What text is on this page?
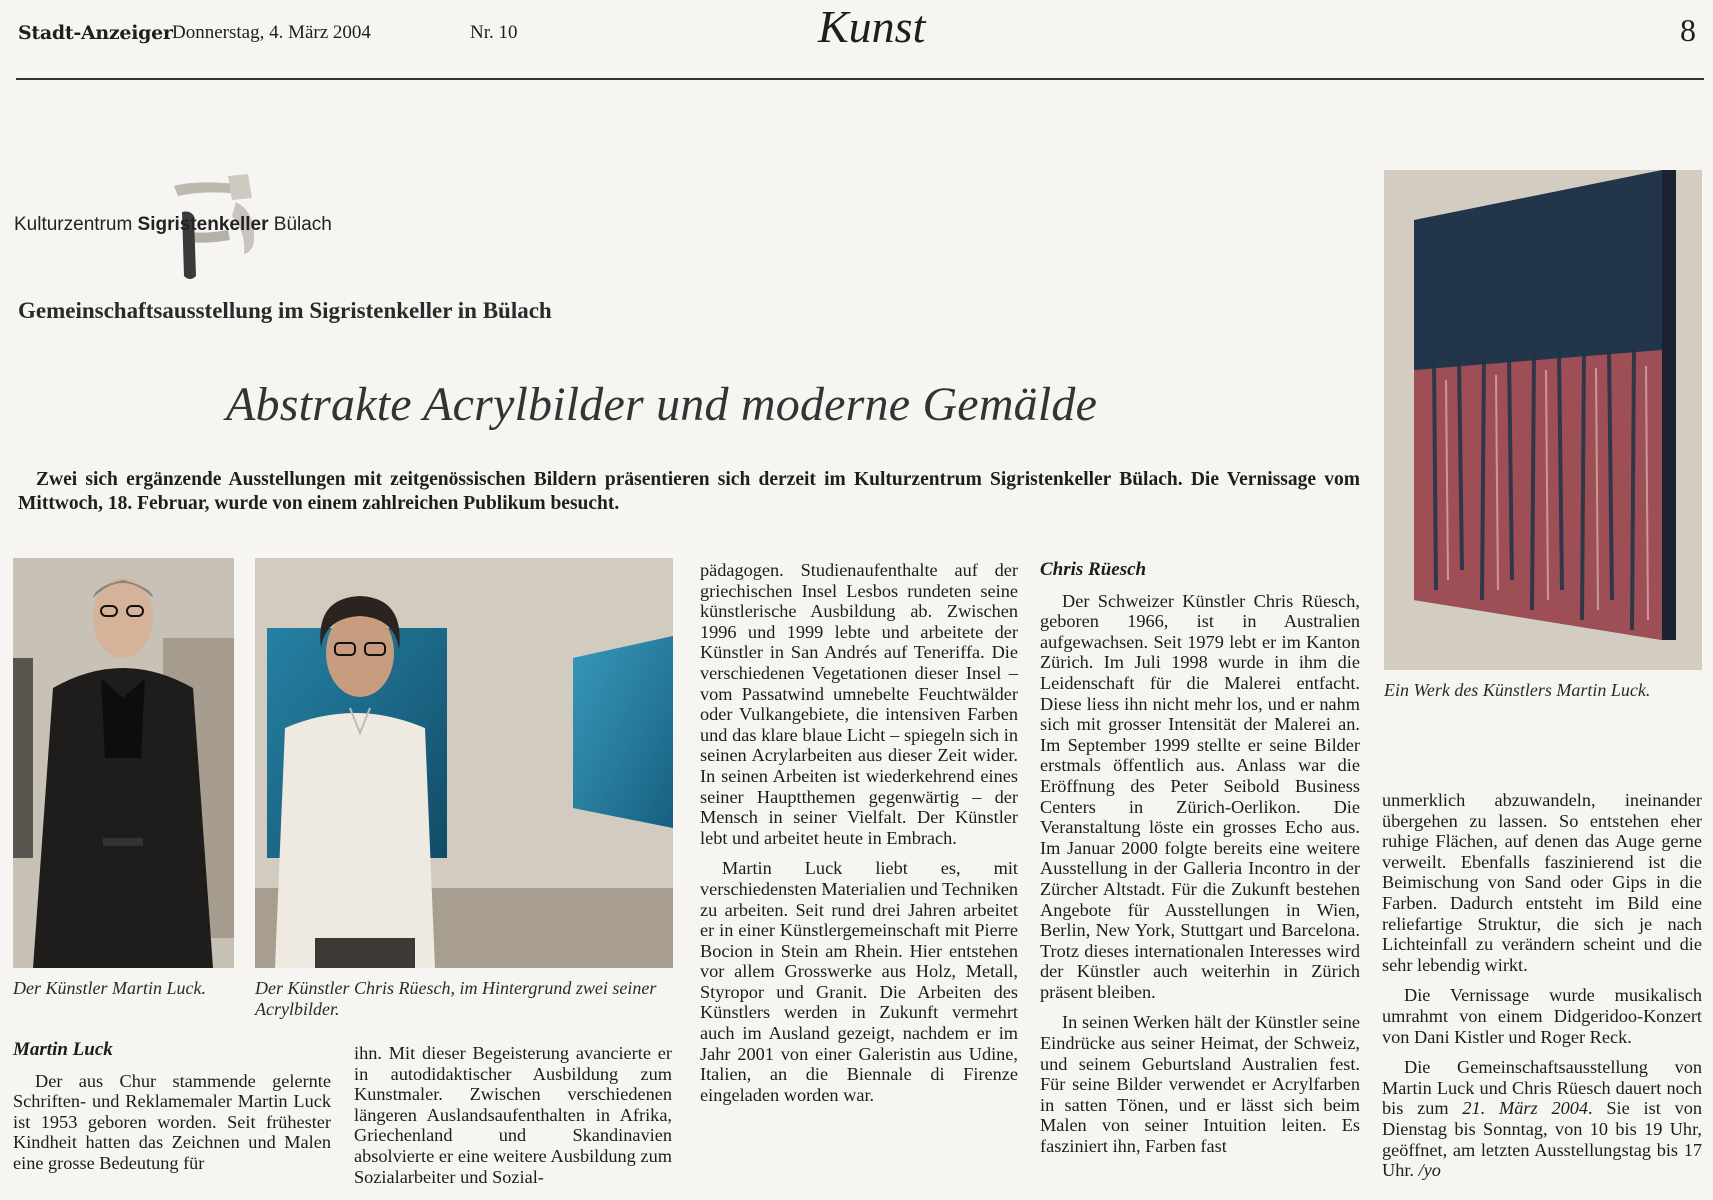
Stadt-Anzeiger Donnerstag, 4. März 2004	Nr. 10	Kunst	8
Kulturzentrum Sigristenkeller Bülach
Gemeinschaftsausstellung im Sigristenkeller in Bülach
Abstrakte Acrylbilder und moderne Gemälde
Zwei sich ergänzende Ausstellungen mit zeitgenössischen Bildern präsentieren sich derzeit im Kulturzentrum Sigristenkeller Bülach. Die Vernissage vom Mittwoch, 18. Februar, wurde von einem zahlreichen Publikum besucht.
Der Künstler Martin Luck.	Der Künstler Chris Rüesch, im Hintergrund zwei seiner Acrylbilder.
Ein Werk des Künstlers Martin Luck.

Martin Luck

Der aus Chur stammende gelernte Schriften- und Reklamemaler Martin Luck ist 1953 geboren worden. Seit frühester Kindheit hatten das Zeichnen und Malen eine grosse Bedeutung für

ihn. Mit dieser Begeisterung avancierte er in autodidaktischer Ausbildung zum Kunstmaler. Zwischen verschiedenen längeren Auslandsaufenthalten in Afrika, Griechenland und Skandinavien absolvierte er eine weitere Ausbildung zum Sozialarbeiter und Sozial-

pädagogen. Studienaufenthalte auf der griechischen Insel Lesbos rundeten seine künstlerische Ausbildung ab. Zwischen 1996 und 1999 lebte und arbeitete der Künstler in San Andrés auf Teneriffa. Die verschiedenen Vegetationen dieser Insel – vom Passatwind umnebelte Feuchtwälder oder Vulkangebiete, die intensiven Farben und das klare blaue Licht – spiegeln sich in seinen Acrylarbeiten aus dieser Zeit wider. In seinen Arbeiten ist wiederkehrend eines seiner Hauptthemen gegenwärtig – der Mensch in seiner Vielfalt. Der Künstler lebt und arbeitet heute in Embrach.

Martin Luck liebt es, mit verschiedensten Materialien und Techniken zu arbeiten. Seit rund drei Jahren arbeitet er in einer Künstlergemeinschaft mit Pierre Bocion in Stein am Rhein. Hier entstehen vor allem Grosswerke aus Holz, Metall, Styropor und Granit. Die Arbeiten des Künstlers werden in Zukunft vermehrt auch im Ausland gezeigt, nachdem er im Jahr 2001 von einer Galeristin aus Udine, Italien, an die Biennale di Firenze eingeladen worden war.

Chris Rüesch

Der Schweizer Künstler Chris Rüesch, geboren 1966, ist in Australien aufgewachsen. Seit 1979 lebt er im Kanton Zürich. Im Juli 1998 wurde in ihm die Leidenschaft für die Malerei entfacht. Diese liess ihn nicht mehr los, und er nahm sich mit grosser Intensität der Malerei an. Im September 1999 stellte er seine Bilder erstmals öffentlich aus. Anlass war die Eröffnung des Peter Seibold Business Centers in Zürich-Oerlikon. Die Veranstaltung löste ein grosses Echo aus. Im Januar 2000 folgte bereits eine weitere Ausstellung in der Galleria Incontro in der Zürcher Altstadt. Für die Zukunft bestehen Angebote für Ausstellungen in Wien, Berlin, New York, Stuttgart und Barcelona. Trotz dieses internationalen Interesses wird der Künstler auch weiterhin in Zürich präsent bleiben.

In seinen Werken hält der Künstler seine Eindrücke aus seiner Heimat, der Schweiz, und seinem Geburtsland Australien fest. Für seine Bilder verwendet er Acrylfarben in satten Tönen, und er lässt sich beim Malen von seiner Intuition leiten. Es fasziniert ihn, Farben fast

unmerklich abzuwandeln, ineinander übergehen zu lassen. So entstehen eher ruhige Flächen, auf denen das Auge gerne verweilt. Ebenfalls faszinierend ist die Beimischung von Sand oder Gips in die Farben. Dadurch entsteht im Bild eine reliefartige Struktur, die sich je nach Lichteinfall zu verändern scheint und die sehr lebendig wirkt.

Die Vernissage wurde musikalisch umrahmt von einem Didgeridoo-Konzert von Dani Kistler und Roger Reck.

Die Gemeinschaftsausstellung von Martin Luck und Chris Rüesch dauert noch bis zum 21. März 2004. Sie ist von Dienstag bis Sonntag, von 10 bis 19 Uhr, geöffnet, am letzten Ausstellungstag bis 17 Uhr. /yo
